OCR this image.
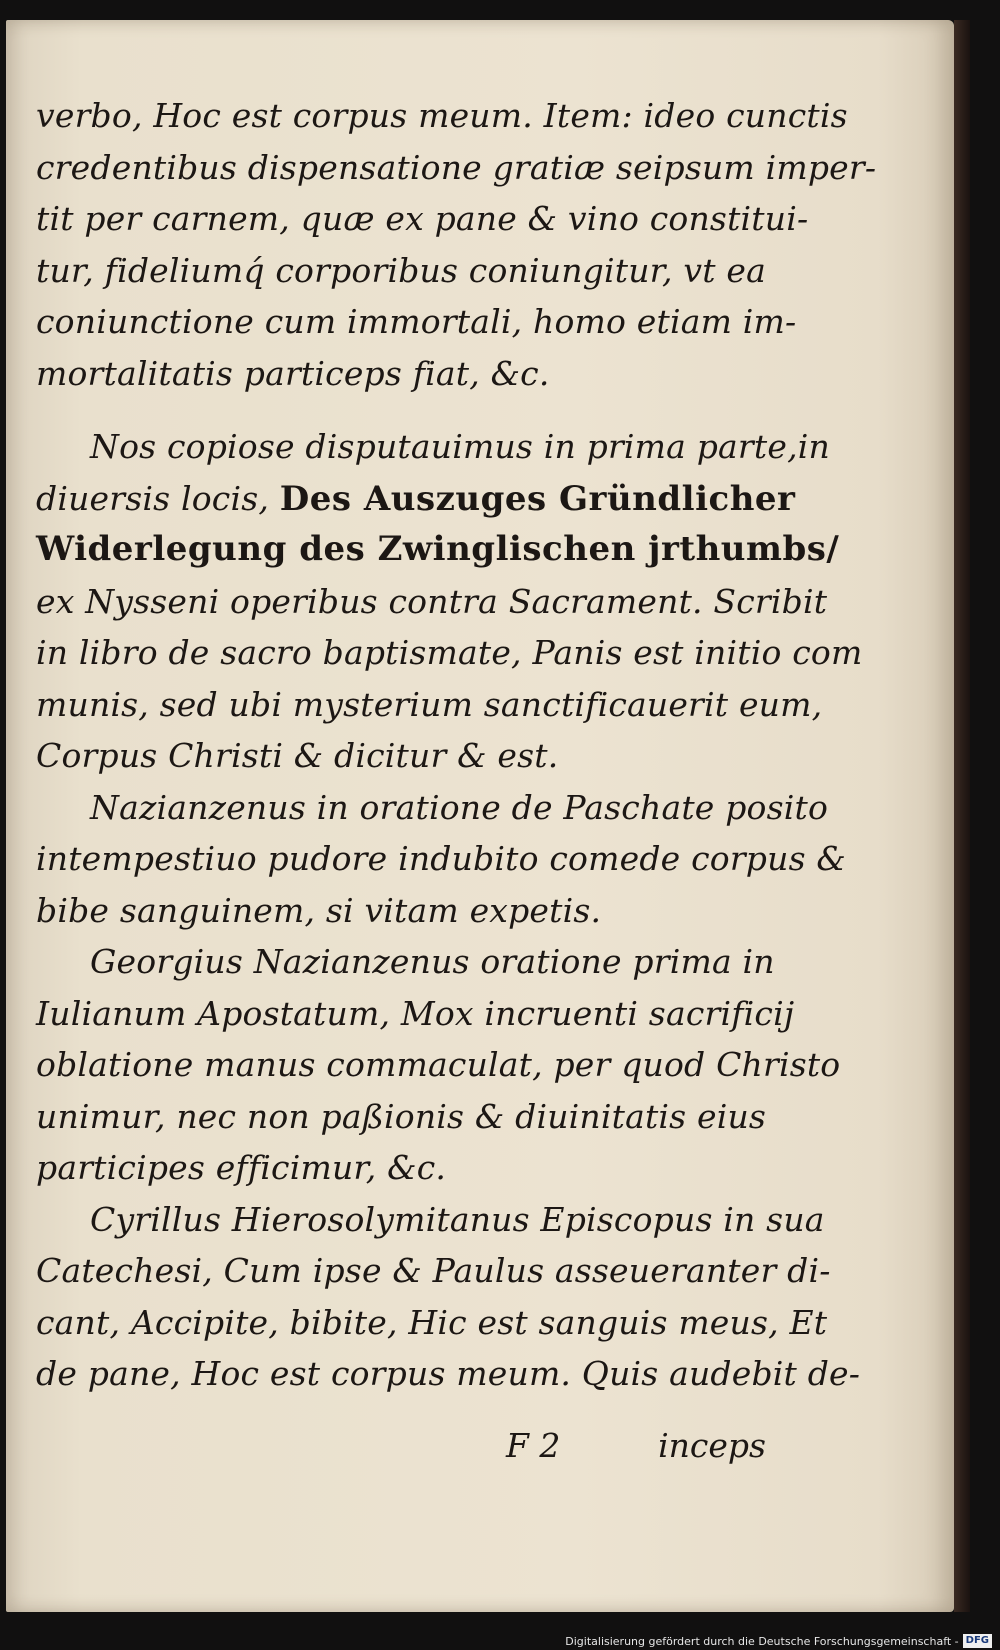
verbo, Hoc est corpus meum. Item: ideo cunctis
credentibus dispensatione gratiæ seipsum imper-
tit per carnem, quæ ex pane & vino constitui-
tur, fideliumq́ corporibus coniungitur, vt ea
coniunctione cum immortali, homo etiam im-
mortalitatis particeps fiat, &c.
Nos copiose disputauimus in prima parte,in
diuersis locis, Des Auszuges Gründlicher
Widerlegung des Zwinglischen jrthumbs/
ex Nysseni operibus contra Sacrament. Scribit
in libro de sacro baptismate, Panis est initio com
munis, sed ubi mysterium sanctificauerit eum,
Corpus Christi & dicitur & est.
Nazianzenus in oratione de Paschate posito
intempestiuo pudore indubito comede corpus &
bibe sanguinem, si vitam expetis.
Georgius Nazianzenus oratione prima in
Iulianum Apostatum, Mox incruenti sacrificij
oblatione manus commaculat, per quod Christo
unimur, nec non paßionis & diuinitatis eius
participes efficimur, &c.
Cyrillus Hierosolymitanus Episcopus in sua
Catechesi, Cum ipse & Paulus asseueranter di-
cant, Accipite, bibite, Hic est sanguis meus, Et
de pane, Hoc est corpus meum. Quis audebit de-
F 2	inceps
Digitalisierung gefördert durch die Deutsche Forschungsgemeinschaft - DFG
